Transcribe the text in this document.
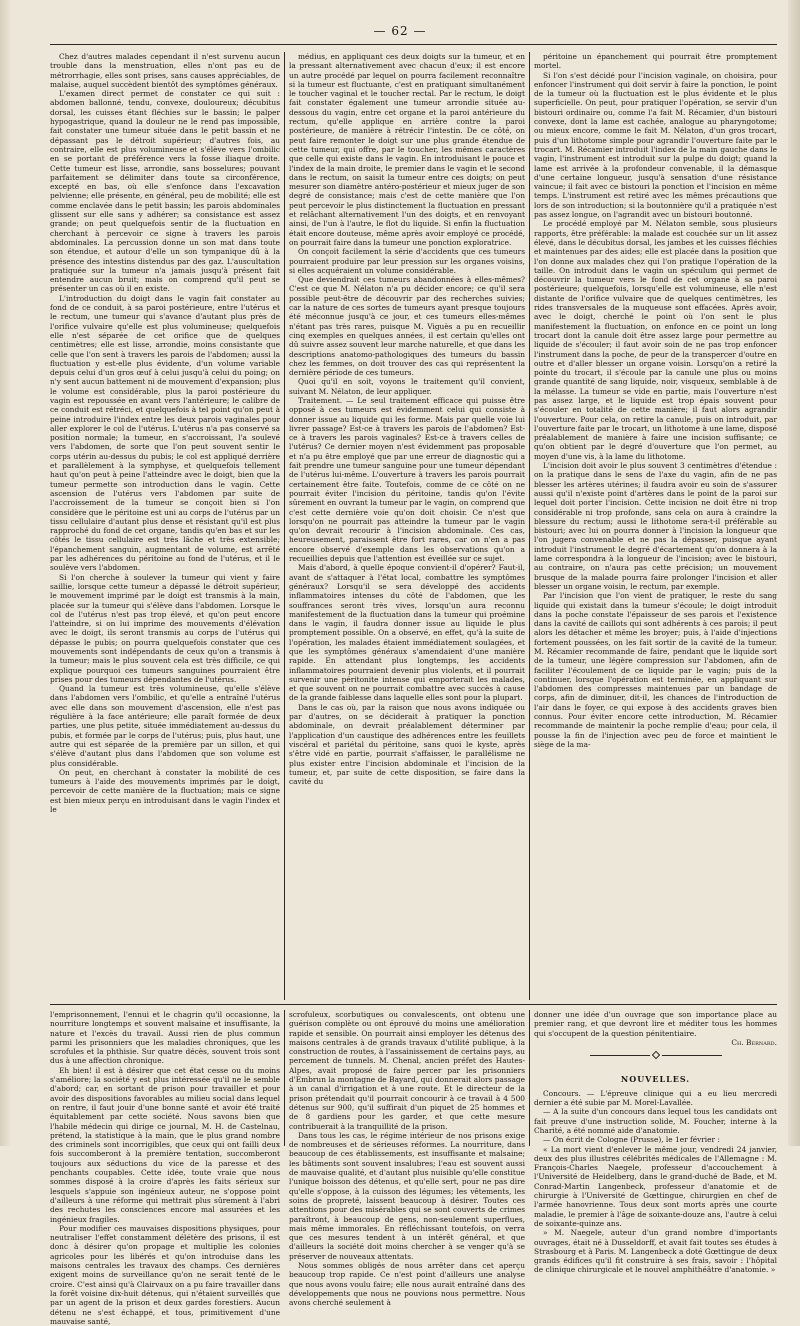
— 62 —

Chez d'autres malades cependant il n'est survenu aucun trouble dans la menstruation, elles n'ont pas eu de métrorrhagie, elles sont prises, sans causes appréciables, de malaise, auquel succèdent bientôt des symptômes généraux.

L'examen direct permet de constater ce qui suit : abdomen ballonné, tendu, convexe, douloureux; décubitus dorsal, les cuisses étant fléchies sur le bassin; le palper hypogastrique, quand la douleur ne le rend pas impossible, fait constater une tumeur située dans le petit bassin et ne dépassant pas le détroit supérieur; d'autres fois, au contraire, elle est plus volumineuse et s'élève vers l'ombilic en se portant de préférence vers la fosse iliaque droite. Cette tumeur est lisse, arrondie, sans bosselures; pouvant parfaitement se délimiter dans toute sa circonférence, excepté en bas, où elle s'enfonce dans l'excavation pelvienne; elle présente, en général, peu de mobilité; elle est comme enclavée dans le petit bassin; les parois abdominales glissent sur elle sans y adhérer; sa consistance est assez grande; on peut quelquefois sentir de la fluctuation en cherchant à percevoir ce signe à travers les parois abdominales. La percussion donne un son mat dans toute son étendue, et autour d'elle un son tympanique dû à la présence des intestins distendus par des gaz. L'auscultation pratiquée sur la tumeur n'a jamais jusqu'à présent fait entendre aucun bruit; mais on comprend qu'il peut se présenter un cas où il en existe.

L'introduction du doigt dans le vagin fait constater au fond de ce conduit, à sa paroi postérieure, entre l'utérus et le rectum, une tumeur qui s'avance d'autant plus près de l'orifice vulvaire qu'elle est plus volumineuse; quelquefois elle n'est séparée de cet orifice que de quelques centimètres; elle est lisse, arrondie, moins consistante que celle que l'on sent à travers les parois de l'abdomen; aussi la fluctuation y est-elle plus évidente, d'un volume variable depuis celui d'un gros œuf à celui jusqu'à celui du poing; on n'y sent aucun battement ni de mouvement d'expansion; plus le volume est considérable, plus la paroi postérieure du vagin est repoussée en avant vers l'antérieure; le calibre de ce conduit est rétréci, et quelquefois à tel point qu'on peut à peine introduire l'index entre les deux parois vaginales pour aller explorer le col de l'utérus. L'utérus n'a pas conservé sa position normale; la tumeur, en s'accroissant, l'a soulevé vers l'abdomen, de sorte que l'on peut souvent sentir le corps utérin au-dessus du pubis; le col est appliqué derrière et parallèlement à la symphyse, et quelquefois tellement haut qu'on peut à peine l'atteindre avec le doigt, bien que la tumeur permette son introduction dans le vagin. Cette ascension de l'utérus vers l'abdomen par suite de l'accroissement de la tumeur se conçoit bien si l'on considère que le péritoine est uni au corps de l'utérus par un tissu cellulaire d'autant plus dense et résistant qu'il est plus rapproché du fond de cet organe, tandis qu'en bas et sur les côtés le tissu cellulaire est très lâche et très extensible; l'épanchement sanguin, augmentant de volume, est arrêté par les adhérences du péritoine au fond de l'utérus, et il le soulève vers l'abdomen.

Si l'on cherche à soulever la tumeur qui vient y faire saillie, lorsque cette tumeur a dépassé le détroit supérieur, le mouvement imprimé par le doigt est transmis à la main, placée sur la tumeur qui s'élève dans l'abdomen. Lorsque le col de l'utérus n'est pas trop élevé, et qu'on peut encore l'atteindre, si on lui imprime des mouvements d'élévation avec le doigt, ils seront transmis au corps de l'utérus qui dépasse le pubis; on pourra quelquefois constater que ces mouvements sont indépendants de ceux qu'on a transmis à la tumeur; mais le plus souvent cela est très difficile, ce qui explique pourquoi ces tumeurs sanguines pourraient être prises pour des tumeurs dépendantes de l'utérus.

Quand la tumeur est très volumineuse, qu'elle s'élève dans l'abdomen vers l'ombilic, et qu'elle a entraîné l'utérus avec elle dans son mouvement d'ascension, elle n'est pas régulière à la face antérieure; elle paraît formée de deux parties, une plus petite, située immédiatement au-dessus du pubis, et formée par le corps de l'utérus; puis, plus haut, une autre qui est séparée de la première par un sillon, et qui s'élève d'autant plus dans l'abdomen que son volume est plus considérable.

On peut, en cherchant à constater la mobilité de ces tumeurs à l'aide des mouvements imprimés par le doigt, percevoir de cette manière de la fluctuation; mais ce signe est bien mieux perçu en introduisant dans le vagin l'index et le

médius, en appliquant ces deux doigts sur la tumeur, et en la pressant alternativement avec chacun d'eux; il est encore un autre procédé par lequel on pourra facilement reconnaître si la tumeur est fluctuante, c'est en pratiquant simultanément le toucher vaginal et le toucher rectal. Par le rectum, le doigt fait constater également une tumeur arrondie située au-dessous du vagin, entre cet organe et la paroi antérieure du rectum, qu'elle applique en arrière contre la paroi postérieure, de manière à rétrécir l'intestin. De ce côté, on peut faire remonter le doigt sur une plus grande étendue de cette tumeur, qui offre, par le toucher, les mêmes caractères que celle qui existe dans le vagin. En introduisant le pouce et l'index de la main droite, le premier dans le vagin et le second dans le rectum, on saisit la tumeur entre ces doigts; on peut mesurer son diamètre antéro-postérieur et mieux juger de son degré de consistance; mais c'est de cette manière que l'on peut percevoir le plus distinctement la fluctuation en pressant et relâchant alternativement l'un des doigts, et en renvoyant ainsi, de l'un à l'autre, le flot du liquide. Si enfin la fluctuation était encore douteuse, même après avoir employé ce procédé, on pourrait faire dans la tumeur une ponction exploratrice.

On conçoit facilement la série d'accidents que ces tumeurs pourraient produire par leur pression sur les organes voisins, si elles acquéraient un volume considérable.

Que deviendrait ces tumeurs abandonnées à elles-mêmes? C'est ce que M. Nélaton n'a pu décider encore; ce qu'il sera possible peut-être de découvrir par des recherches suivies; car la nature de ces sortes de tumeurs ayant presque toujours été méconnue jusqu'à ce jour, et ces tumeurs elles-mêmes n'étant pas très rares, puisque M. Viguès a pu en recueillir cinq exemples en quelques années, il est certain qu'elles ont dû suivre assez souvent leur marche naturelle, et que dans les descriptions anatomo-pathologiques des tumeurs du bassin chez les femmes, on doit trouver des cas qui représentent la dernière période de ces tumeurs.

Quoi qu'il en soit, voyons le traitement qu'il convient, suivant M. Nélaton, de leur appliquer.

Traitement. — Le seul traitement efficace qui puisse être opposé à ces tumeurs est évidemment celui qui consiste à donner issue au liquide qui les forme. Mais par quelle voie lui livrer passage? Est-ce à travers les parois de l'abdomen? Est-ce à travers les parois vaginales? Est-ce à travers celles de l'utérus? Ce dernier moyen n'est évidemment pas proposable et n'a pu être employé que par une erreur de diagnostic qui a fait prendre une tumeur sanguine pour une tumeur dépendant de l'utérus lui-même. L'ouverture à travers les parois pourrait certainement être faite. Toutefois, comme de ce côté on ne pourrait éviter l'incision du péritoine, tandis qu'on l'évite sûrement en ouvrant la tumeur par le vagin, on comprend que c'est cette dernière voie qu'on doit choisir. Ce n'est que lorsqu'on ne pourrait pas atteindre la tumeur par le vagin qu'on devrait recourir à l'incision abdominale. Ces cas, heureusement, paraissent être fort rares, car on n'en a pas encore observé d'exemple dans les observations qu'on a recueillies depuis que l'attention est éveillée sur ce sujet.

Mais d'abord, à quelle époque convient-il d'opérer? Faut-il, avant de s'attaquer à l'état local, combattre les symptômes généraux? Lorsqu'il se sera développé des accidents inflammatoires intenses du côté de l'abdomen, que les souffrances seront très vives, lorsqu'un aura reconnu manifestement de la fluctuation dans la tumeur qui proémine dans le vagin, il faudra donner issue au liquide le plus promptement possible. On a observé, en effet, qu'à la suite de l'opération, les malades étaient immédiatement soulagées, et que les symptômes généraux s'amendaient d'une manière rapide. En attendant plus longtemps, les accidents inflammatoires pourraient devenir plus violents, et il pourrait survenir une péritonite intense qui emporterait les malades, et que souvent on ne pourrait combattre avec succès à cause de la grande faiblesse dans laquelle elles sont pour la plupart.

Dans le cas où, par la raison que nous avons indiquée ou par d'autres, on se déciderait à pratiquer la ponction abdominale, on devrait préalablement déterminer par l'application d'un caustique des adhérences entre les feuillets viscéral et pariétal du péritoine, sans quoi le kyste, après s'être vidé en partie, pourrait s'affaisser, le parallélisme ne plus exister entre l'incision abdominale et l'incision de la tumeur, et, par suite de cette disposition, se faire dans la cavité du

péritoine un épanchement qui pourrait être promptement mortel.

Si l'on s'est décidé pour l'incision vaginale, on choisira, pour enfoncer l'instrument qui doit servir à faire la ponction, le point de la tumeur où la fluctuation est le plus évidente et le plus superficielle. On peut, pour pratiquer l'opération, se servir d'un bistouri ordinaire ou, comme l'a fait M. Récamier, d'un bistouri convexe, dont la lame est cachée, analogue au pharyngotome; ou mieux encore, comme le fait M. Nélaton, d'un gros trocart, puis d'un lithotome simple pour agrandir l'ouverture faite par le trocart. M. Récamier introduit l'index de la main gauche dans le vagin, l'instrument est introduit sur la pulpe du doigt; quand la lame est arrivée à la profondeur convenable, il la démasque d'une certaine longueur, jusqu'à sensation d'une résistance vaincue; il fait avec ce bistouri la ponction et l'incision en même temps. L'instrument est retiré avec les mêmes précautions que lors de son introduction; si la boutonnière qu'il a pratiquée n'est pas assez longue, on l'agrandit avec un bistouri boutonné.

Le procédé employé par M. Nélaton semble, sous plusieurs rapports, être préférable: la malade est couchée sur un lit assez élevé, dans le décubitus dorsal, les jambes et les cuisses fléchies et maintenues par des aides; elle est placée dans la position que l'on donne aux malades chez qui l'on pratique l'opération de la taille. On introduit dans le vagin un spéculum qui permet de découvrir la tumeur vers le fond de cet organe à sa paroi postérieure; quelquefois, lorsqu'elle est volumineuse, elle n'est distante de l'orifice vulvaire que de quelques centimètres, les rides transversales de la muqueuse sont effacées. Après avoir, avec le doigt, cherché le point où l'on sent le plus manifestement la fluctuation, on enfonce en ce point un long trocart dont la canule doit être assez large pour permettre au liquide de s'écouler; il faut avoir soin de ne pas trop enfoncer l'instrument dans la poche, de peur de la transpercer d'outre en outre et d'aller blesser un organe voisin. Lorsqu'on a retiré la pointe du trocart, il s'écoule par la canule une plus ou moins grande quantité de sang liquide, noir, visqueux, semblable à de la mélasse. La tumeur se vide en partie, mais l'ouverture n'est pas assez large, et le liquide est trop épais souvent pour s'écouler en totalité de cette manière; il faut alors agrandir l'ouverture. Pour cela, on retire la canule, puis on introduit, par l'ouverture faite par le trocart, un lithotome à une lame, disposé préalablement de manière à faire une incision suffisante; ce qu'on obtient par le degré d'ouverture que l'on permet, au moyen d'une vis, à la lame du lithotome.

L'incision doit avoir le plus souvent 3 centimètres d'étendue : on la pratique dans le sens de l'axe du vagin, afin de ne pas blesser les artères utérines; il faudra avoir eu soin de s'assurer aussi qu'il n'existe point d'artères dans le point de la paroi sur lequel doit porter l'incision. Cette incision ne doit être ni trop considérable ni trop profonde, sans cela on aura à craindre la blessure du rectum; aussi le lithotome sera-t-il préférable au bistouri; avec lui on pourra donner à l'incision la longueur que l'on jugera convenable et ne pas la dépasser, puisque ayant introduit l'instrument le degré d'écartement qu'on donnera à la lame correspondra à la longueur de l'incision; avec le bistouri, au contraire, on n'aura pas cette précision; un mouvement brusque de la malade pourra faire prolonger l'incision et aller blesser un organe voisin, le rectum, par exemple.

Par l'incision que l'on vient de pratiquer, le reste du sang liquide qui existait dans la tumeur s'écoule; le doigt introduit dans la poche constate l'épaisseur de ses parois et l'existence dans la cavité de caillots qui sont adhérents à ces parois; il peut alors les détacher et même les broyer; puis, à l'aide d'injections fortement poussées, on les fait sortir de la cavité de la tumeur. M. Récamier recommande de faire, pendant que le liquide sort de la tumeur, une légère compression sur l'abdomen, afin de faciliter l'écoulement de ce liquide par le vagin; puis de la continuer, lorsque l'opération est terminée, en appliquant sur l'abdomen des compresses maintenues par un bandage de corps, afin de diminuer, dit-il, les chances de l'introduction de l'air dans le foyer, ce qui expose à des accidents graves bien connus. Pour éviter encore cette introduction, M. Récamier recommande de maintenir la poche remplie d'eau; pour cela, il pousse la fin de l'injection avec peu de force et maintient le siège de la ma-

l'emprisonnement, l'ennui et le chagrin qu'il occasionne, la nourriture longtemps et souvent malsaine et insuffisante, la nature et l'excès du travail. Aussi rien de plus commun parmi les prisonniers que les maladies chroniques, que les scrofules et la phthisie. Sur quatre décès, souvent trois sont dus à une affection chronique.

Eh bien! il est à désirer que cet état cesse ou du moins s'améliore; la société y est plus intéressée qu'il ne le semble d'abord; car, en sortant de prison pour travailler et pour avoir des dispositions favorables au milieu social dans lequel on rentre, il faut jouir d'une bonne santé et avoir été traité équitablement par cette société. Nous savons bien que l'habile médecin qui dirige ce journal, M. H. de Castelnau, prétend, la statistique à la main, que le plus grand nombre des criminels sont incorrigibles, que ceux qui ont failli deux fois succomberont à la première tentation, succomberont toujours aux séductions du vice de la paresse et des penchants coupables. Cette idée, toute vraie que nous sommes disposé à la croire d'après les faits sérieux sur lesquels s'appuie son ingénieux auteur, ne s'oppose point d'ailleurs à une réforme qui mettrait plus sûrement à l'abri des rechutes les consciences encore mal assurées et les ingénieux fragiles.

Pour modifier ces mauvaises dispositions physiques, pour neutraliser l'effet constamment délétère des prisons, il est donc à désirer qu'on propage et multiplie les colonies agricoles pour les libérés et qu'on introduise dans les maisons centrales les travaux des champs. Ces dernières exigent moins de surveillance qu'on ne serait tenté de le croire. C'est ainsi qu'à Clairvaux on a pu faire travailler dans la forêt voisine dix-huit détenus, qui n'étaient surveillés que par un agent de la prison et deux gardes forestiers. Aucun détenu ne s'est échappé, et tous, primitivement d'une mauvaise santé,

scrofuleux, scorbutiques ou convalescents, ont obtenu une guérison complète ou ont éprouvé du moins une amélioration rapide et sensible. On pourrait ainsi employer les détenus des maisons centrales à de grands travaux d'utilité publique, à la construction de routes, à l'assainissement de certains pays, au percement de tunnels. M. Chenal, ancien préfet des Hautes-Alpes, avait proposé de faire percer par les prisonniers d'Embrun la montagne de Bayard, qui donnerait alors passage à un canal d'irrigation et à une route. Et le directeur de la prison prétendait qu'il pourrait concourir à ce travail à 4 500 détenus sur 900, qu'il suffirait d'un piquet de 25 hommes et de 8 gardiens pour les garder, et que cette mesure contribuerait à la tranquillité de la prison.

Dans tous les cas, le régime intérieur de nos prisons exige de nombreuses et de sérieuses réformes. La nourriture, dans beaucoup de ces établissements, est insuffisante et malsaine; les bâtiments sont souvent insalubres; l'eau est souvent aussi de mauvaise qualité, et d'autant plus nuisible qu'elle constitue l'unique boisson des détenus, et qu'elle sert, pour ne pas dire qu'elle s'oppose, à la cuisson des légumes; les vêtements, les soins de propreté, laissent beaucoup à désirer. Toutes ces attentions pour des misérables qui se sont couverts de crimes paraîtront, à beaucoup de gens, non-seulement superflues, mais même immorales. En réfléchissant toutefois, on verra que ces mesures tendent à un intérêt général, et que d'ailleurs la société doit moins chercher à se venger qu'à se préserver de nouveaux attentats.

Nous sommes obligés de nous arrêter dans cet aperçu beaucoup trop rapide. Ce n'est point d'ailleurs une analyse que nous avons voulu faire; elle nous aurait entraîné dans des développements que nous ne pouvions nous permettre. Nous avons cherché seulement à

donner une idée d'un ouvrage que son importance place au premier rang, et que devront lire et méditer tous les hommes qui s'occupent de la question pénitentiaire.

Ch. Bernard.

NOUVELLES.

Concours. — L'épreuve clinique qui a eu lieu mercredi dernier a été subie par M. Morel-Lavallée.

— A la suite d'un concours dans lequel tous les candidats ont fait preuve d'une instruction solide, M. Foucher, interne à la Charité, a été nommé aide d'anatomie.

— On écrit de Cologne (Prusse), le 1er février :

« La mort vient d'enlever le même jour, vendredi 24 janvier, deux des plus illustres célébrités médicales de l'Allemagne : M. François-Charles Naegele, professeur d'accouchement à l'Université de Heidelberg, dans le grand-duché de Bade, et M. Conrad-Martin Langenbeck, professeur d'anatomie et de chirurgie à l'Université de Gœttingue, chirurgien en chef de l'armée hanovrienne. Tous deux sont morts après une courte maladie, le premier à l'âge de soixante-douze ans, l'autre à celui de soixante-quinze ans.

» M. Naegele, auteur d'un grand nombre d'importants ouvrages, était né à Dusseldorff, et avait fait toutes ses études à Strasbourg et à Paris. M. Langenbeck a doté Gœttingue de deux grands édifices qu'il fit construire à ses frais, savoir : l'hôpital de clinique chirurgicale et le nouvel amphithéâtre d'anatomie. »
